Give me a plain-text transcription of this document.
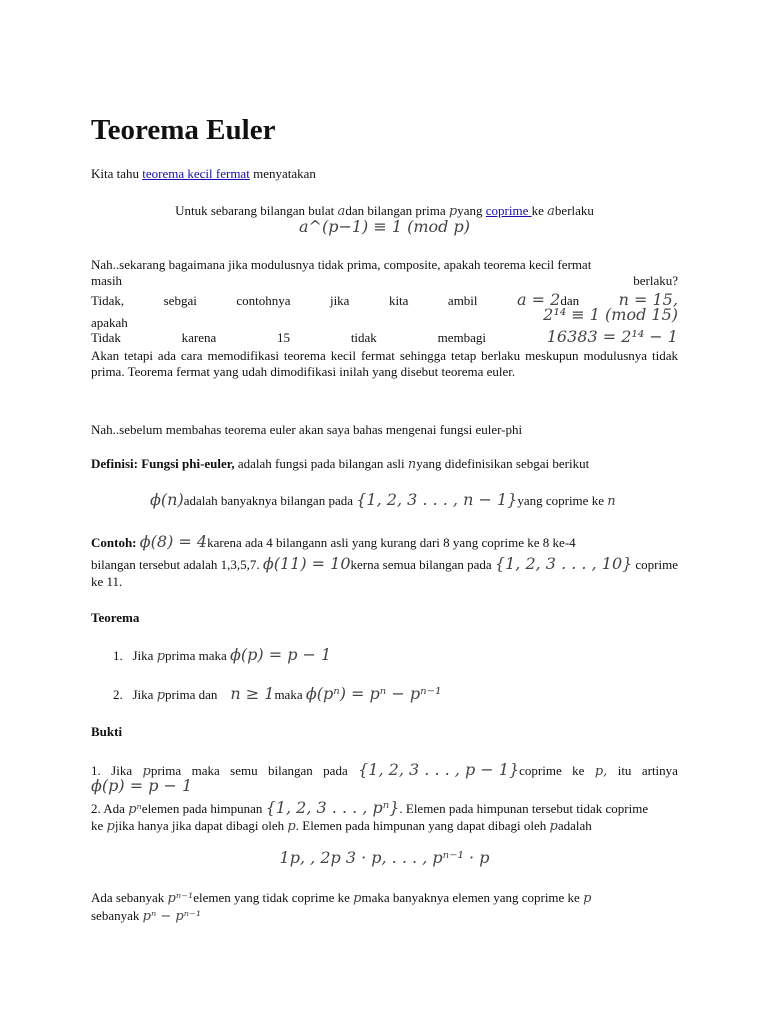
Teorema Euler
Kita tahu teorema kecil fermat menyatakan
Untuk sebarang bilangan bulat adan bilangan prima pyang coprime ke aberlaku
a^(p−1) ≡ 1 (mod p)
Nah..sekarang bagaimana jika modulusnya tidak prima, composite, apakah teorema kecil fermat
masih	berlaku?
Tidak,	sebgai	contohnya	jika	kita	ambil a = 2dan n = 15,
apakah	2¹⁴ ≡ 1 (mod 15)
Tidak	karena	15	tidak	membagi	16383 = 2¹⁴ − 1
Akan tetapi ada cara memodifikasi teorema kecil fermat sehingga tetap berlaku meskupun modulusnya tidak prima. Teorema fermat yang udah dimodifikasi inilah yang disebut teorema euler.
Nah..sebelum membahas teorema euler akan saya bahas mengenai fungsi euler-phi
Definisi: Fungsi phi-euler, adalah fungsi pada bilangan asli nyang didefinisikan sebgai berikut
ϕ(n)adalah banyaknya bilangan pada {1, 2, 3 . . . , n − 1}yang coprime ke n
Contoh: ϕ(8) = 4karena ada 4 bilangann asli yang kurang dari 8 yang coprime ke 8 ke-4
bilangan tersebut adalah 1,3,5,7. ϕ(11) = 10kerna semua bilangan pada {1, 2, 3 . . . , 10} coprime
ke 11.
Teorema
1. Jika pprima maka ϕ(p) = p − 1
2. Jika pprima dan    n ≥ 1maka ϕ(pⁿ) = pⁿ − pⁿ⁻¹
Bukti
1. Jika pprima maka semu bilangan pada {1, 2, 3 . . . , p − 1}coprime ke p, itu artinya
ϕ(p) = p − 1
2. Ada pⁿelemen pada himpunan {1, 2, 3 . . . , pⁿ}. Elemen pada himpunan tersebut tidak coprime
ke pjika hanya jika dapat dibagi oleh p. Elemen pada himpunan yang dapat dibagi oleh padalah
1p, , 2p 3 · p, . . . , pⁿ⁻¹ · p
Ada sebanyak pⁿ⁻¹elemen yang tidak coprime ke pmaka banyaknya elemen yang coprime ke p
sebanyak pⁿ − pⁿ⁻¹
